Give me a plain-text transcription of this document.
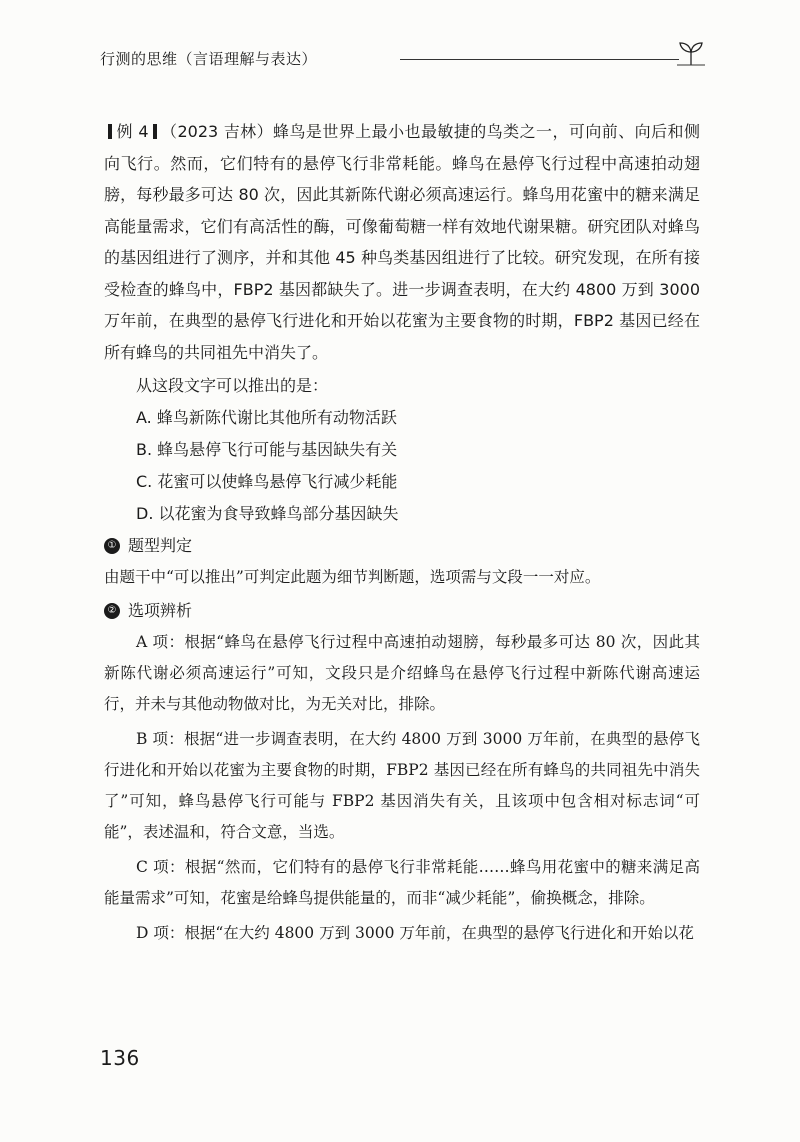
行测的思维（言语理解与表达）

例 4 （2023 吉林）蜂鸟是世界上最小也最敏捷的鸟类之一，可向前、向后和侧向飞行。然而，它们特有的悬停飞行非常耗能。蜂鸟在悬停飞行过程中高速拍动翅膀，每秒最多可达 80 次，因此其新陈代谢必须高速运行。蜂鸟用花蜜中的糖来满足高能量需求，它们有高活性的酶，可像葡萄糖一样有效地代谢果糖。研究团队对蜂鸟的基因组进行了测序，并和其他 45 种鸟类基因组进行了比较。研究发现，在所有接受检查的蜂鸟中，FBP2 基因都缺失了。进一步调查表明，在大约 4800 万到 3000 万年前，在典型的悬停飞行进化和开始以花蜜为主要食物的时期，FBP2 基因已经在所有蜂鸟的共同祖先中消失了。

从这段文字可以推出的是：

A. 蜂鸟新陈代谢比其他所有动物活跃

B. 蜂鸟悬停飞行可能与基因缺失有关

C. 花蜜可以使蜂鸟悬停飞行减少耗能

D. 以花蜜为食导致蜂鸟部分基因缺失

① 题型判定

由题干中“可以推出”可判定此题为细节判断题，选项需与文段一一对应。

② 选项辨析

A 项：根据“蜂鸟在悬停飞行过程中高速拍动翅膀，每秒最多可达 80 次，因此其新陈代谢必须高速运行”可知，文段只是介绍蜂鸟在悬停飞行过程中新陈代谢高速运行，并未与其他动物做对比，为无关对比，排除。

B 项：根据“进一步调查表明，在大约 4800 万到 3000 万年前，在典型的悬停飞行进化和开始以花蜜为主要食物的时期，FBP2 基因已经在所有蜂鸟的共同祖先中消失了”可知，蜂鸟悬停飞行可能与 FBP2 基因消失有关，且该项中包含相对标志词“可能”，表述温和，符合文意，当选。

C 项：根据“然而，它们特有的悬停飞行非常耗能……蜂鸟用花蜜中的糖来满足高能量需求”可知，花蜜是给蜂鸟提供能量的，而非“减少耗能”，偷换概念，排除。

D 项：根据“在大约 4800 万到 3000 万年前，在典型的悬停飞行进化和开始以花

136
